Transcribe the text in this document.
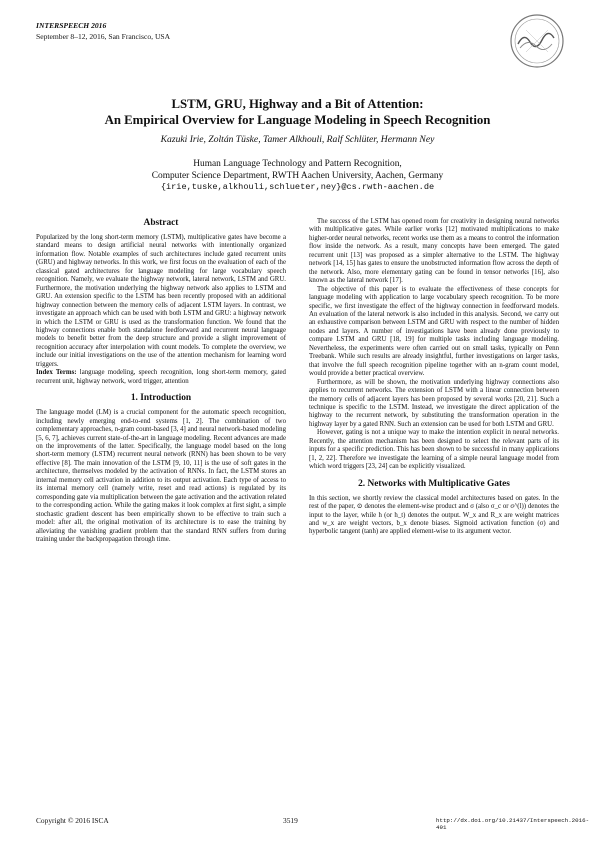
INTERSPEECH 2016
September 8–12, 2016, San Francisco, USA
LSTM, GRU, Highway and a Bit of Attention:
An Empirical Overview for Language Modeling in Speech Recognition
Kazuki Irie, Zoltán Tüske, Tamer Alkhouli, Ralf Schlüter, Hermann Ney
Human Language Technology and Pattern Recognition,
Computer Science Department, RWTH Aachen University, Aachen, Germany
{irie,tuske,alkhouli,schlueter,ney}@cs.rwth-aachen.de
Abstract

Popularized by the long short-term memory (LSTM), multiplicative gates have become a standard means to design artificial neural networks with intentionally organized information flow. Notable examples of such architectures include gated recurrent units (GRU) and highway networks. In this work, we first focus on the evaluation of each of the classical gated architectures for language modeling for large vocabulary speech recognition. Namely, we evaluate the highway network, lateral network, LSTM and GRU. Furthermore, the motivation underlying the highway network also applies to LSTM and GRU. An extension specific to the LSTM has been recently proposed with an additional highway connection between the memory cells of adjacent LSTM layers. In contrast, we investigate an approach which can be used with both LSTM and GRU: a highway network in which the LSTM or GRU is used as the transformation function. We found that the highway connections enable both standalone feedforward and recurrent neural language models to benefit better from the deep structure and provide a slight improvement of recognition accuracy after interpolation with count models. To complete the overview, we include our initial investigations on the use of the attention mechanism for learning word triggers.

Index Terms: language modeling, speech recognition, long short-term memory, gated recurrent unit, highway network, word trigger, attention

1. Introduction

The language model (LM) is a crucial component for the automatic speech recognition, including newly emerging end-to-end systems [1, 2]. The combination of two complementary approaches, n-gram count-based [3, 4] and neural network-based modeling [5, 6, 7], achieves current state-of-the-art in language modeling. Recent advances are made on the improvements of the latter. Specifically, the language model based on the long short-term memory (LSTM) recurrent neural network (RNN) has been shown to be very effective [8]. The main innovation of the LSTM [9, 10, 11] is the use of soft gates in the architecture, themselves modeled by the activation of RNNs. In fact, the LSTM stores an internal memory cell activation in addition to its output activation. Each type of access to its internal memory cell (namely write, reset and read actions) is regulated by its corresponding gate via multiplication between the gate activation and the activation related to the corresponding action. While the gating makes it look complex at first sight, a simple stochastic gradient descent has been empirically shown to be effective to train such a model: after all, the original motivation of its architecture is to ease the training by alleviating the vanishing gradient problem that the standard RNN suffers from during training under the backpropagation through time.

The success of the LSTM has opened room for creativity in designing neural networks with multiplicative gates. While earlier works [12] motivated multiplications to make higher-order neural networks, recent works use them as a means to control the information flow inside the network. As a result, many concepts have been emerged. The gated recurrent unit [13] was proposed as a simpler alternative to the LSTM. The highway network [14, 15] has gates to ensure the unobstructed information flow across the depth of the network. Also, more elementary gating can be found in tensor networks [16], also known as the lateral network [17].

The objective of this paper is to evaluate the effectiveness of these concepts for language modeling with application to large vocabulary speech recognition. To be more specific, we first investigate the effect of the highway connection in feedforward models. An evaluation of the lateral network is also included in this analysis. Second, we carry out an exhaustive comparison between LSTM and GRU with respect to the number of hidden nodes and layers. A number of investigations have been already done previously to compare LSTM and GRU [18, 19] for multiple tasks including language modeling. Nevertheless, the experiments were often carried out on small tasks, typically on Penn Treebank. While such results are already insightful, further investigations on larger tasks, that involve the full speech recognition pipeline together with an n-gram count model, would provide a better practical overview.

Furthermore, as will be shown, the motivation underlying highway connections also applies to recurrent networks. The extension of LSTM with a linear connection between the memory cells of adjacent layers has been proposed by several works [20, 21]. Such a technique is specific to the LSTM. Instead, we investigate the direct application of the highway to the recurrent network, by substituting the transformation operation in the highway layer by a gated RNN. Such an extension can be used for both LSTM and GRU.

However, gating is not a unique way to make the intention explicit in neural networks. Recently, the attention mechanism has been designed to select the relevant parts of its inputs for a specific prediction. This has been shown to be successful in many applications [1, 2, 22]. Therefore we investigate the learning of a simple neural language model from which word triggers [23, 24] can be explicitly visualized.

2. Networks with Multiplicative Gates

In this section, we shortly review the classical model architectures based on gates. In the rest of the paper, ⊙ denotes the element-wise product and σ (also σ_c or σ^(l)) denotes the input to the layer, while h (or h_t) denotes the output. W_x and R_x are weight matrices and w_x are weight vectors, b_x denote biases. Sigmoid activation function (σ) and hyperbolic tangent (tanh) are applied element-wise to its argument vector.

Copyright © 2016 ISCA	3519	http://dx.doi.org/10.21437/Interspeech.2016-491
